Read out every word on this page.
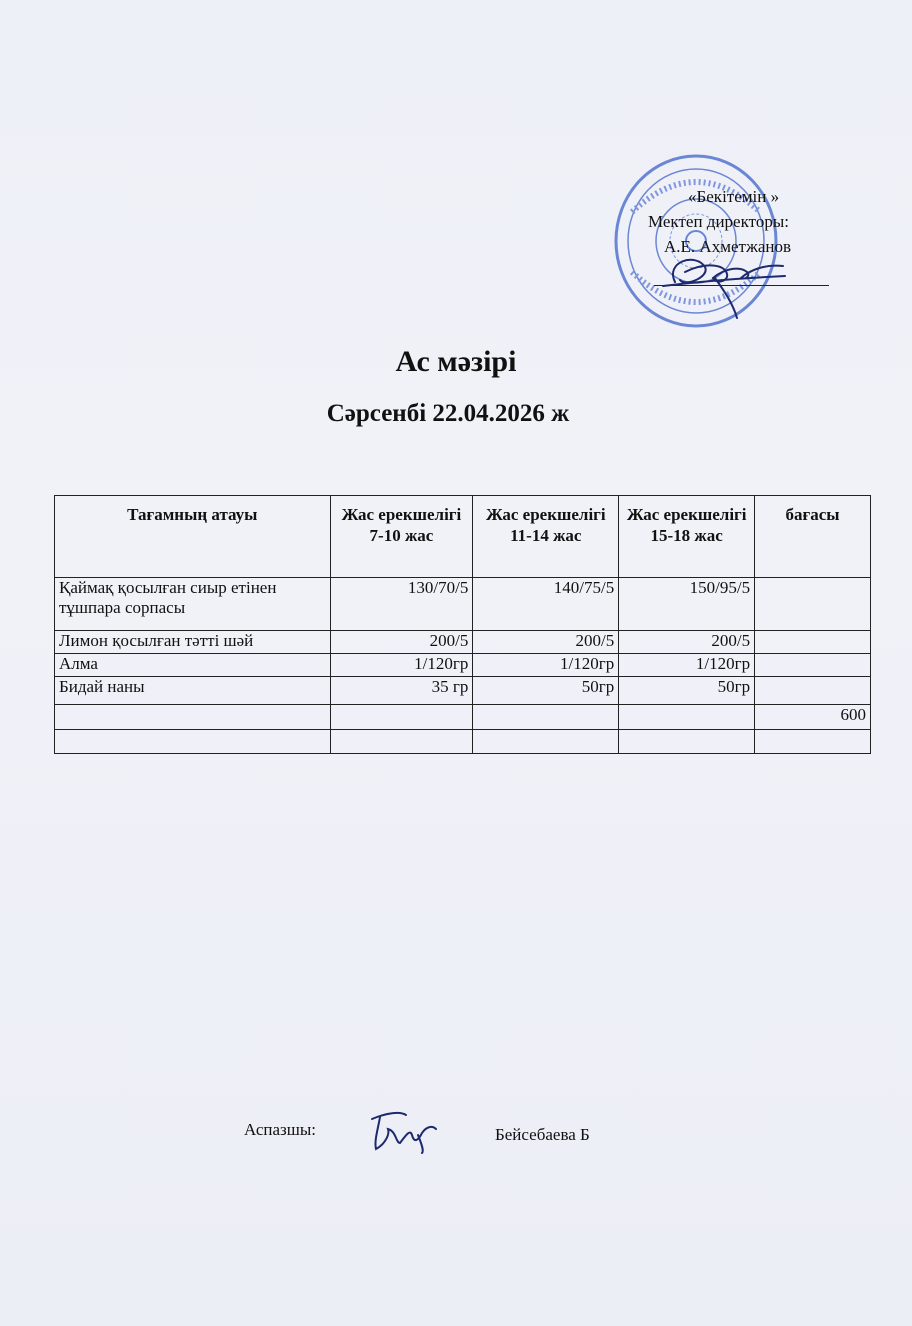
«Бекітемін »
Мектеп директоры:
А.Е. Ахметжанов
Ас мәзірі
Сәрсенбі 22.04.2026 ж
Тағамның атауы	Жас ерекшелігі 7-10 жас	Жас ерекшелігі 11-14 жас	Жас ерекшелігі 15-18 жас	бағасы
Қаймақ қосылған сиыр етінен тұшпара сорпасы	130/70/5	140/75/5	150/95/5	
Лимон қосылған тәтті шәй	200/5	200/5	200/5	
Алма	1/120гр	1/120гр	1/120гр	
Бидай наны	35 гр	50гр	50гр	
				600

Аспазшы:	Бейсебаева Б
